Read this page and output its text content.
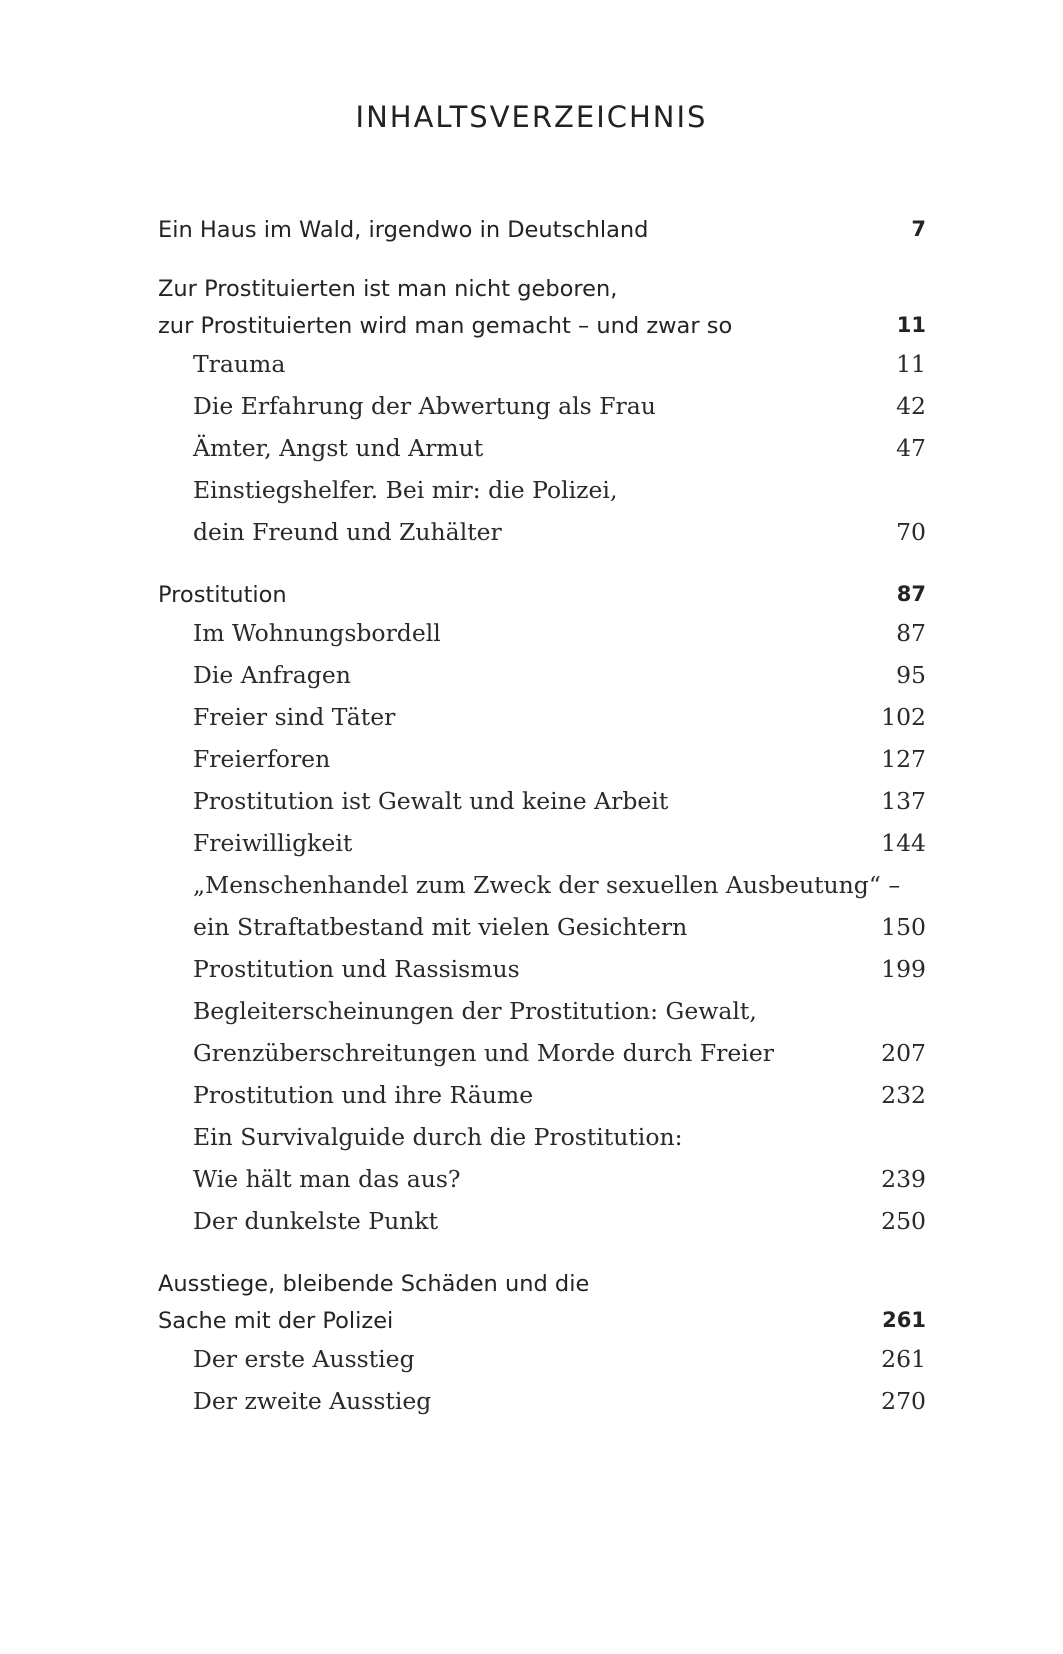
INHALTSVERZEICHNIS
Ein Haus im Wald, irgendwo in Deutschland	7
Zur Prostituierten ist man nicht geboren,
zur Prostituierten wird man gemacht – und zwar so	11
Trauma	11
Die Erfahrung der Abwertung als Frau	42
Ämter, Angst und Armut	47
Einstiegshelfer. Bei mir: die Polizei,
dein Freund und Zuhälter	70
Prostitution	87
Im Wohnungsbordell	87
Die Anfragen	95
Freier sind Täter	102
Freierforen	127
Prostitution ist Gewalt und keine Arbeit	137
Freiwilligkeit	144
„Menschenhandel zum Zweck der sexuellen Ausbeutung“ –
ein Straftatbestand mit vielen Gesichtern	150
Prostitution und Rassismus	199
Begleiterscheinungen der Prostitution: Gewalt,
Grenzüberschreitungen und Morde durch Freier	207
Prostitution und ihre Räume	232
Ein Survivalguide durch die Prostitution:
Wie hält man das aus?	239
Der dunkelste Punkt	250
Ausstiege, bleibende Schäden und die
Sache mit der Polizei	261
Der erste Ausstieg	261
Der zweite Ausstieg	270
